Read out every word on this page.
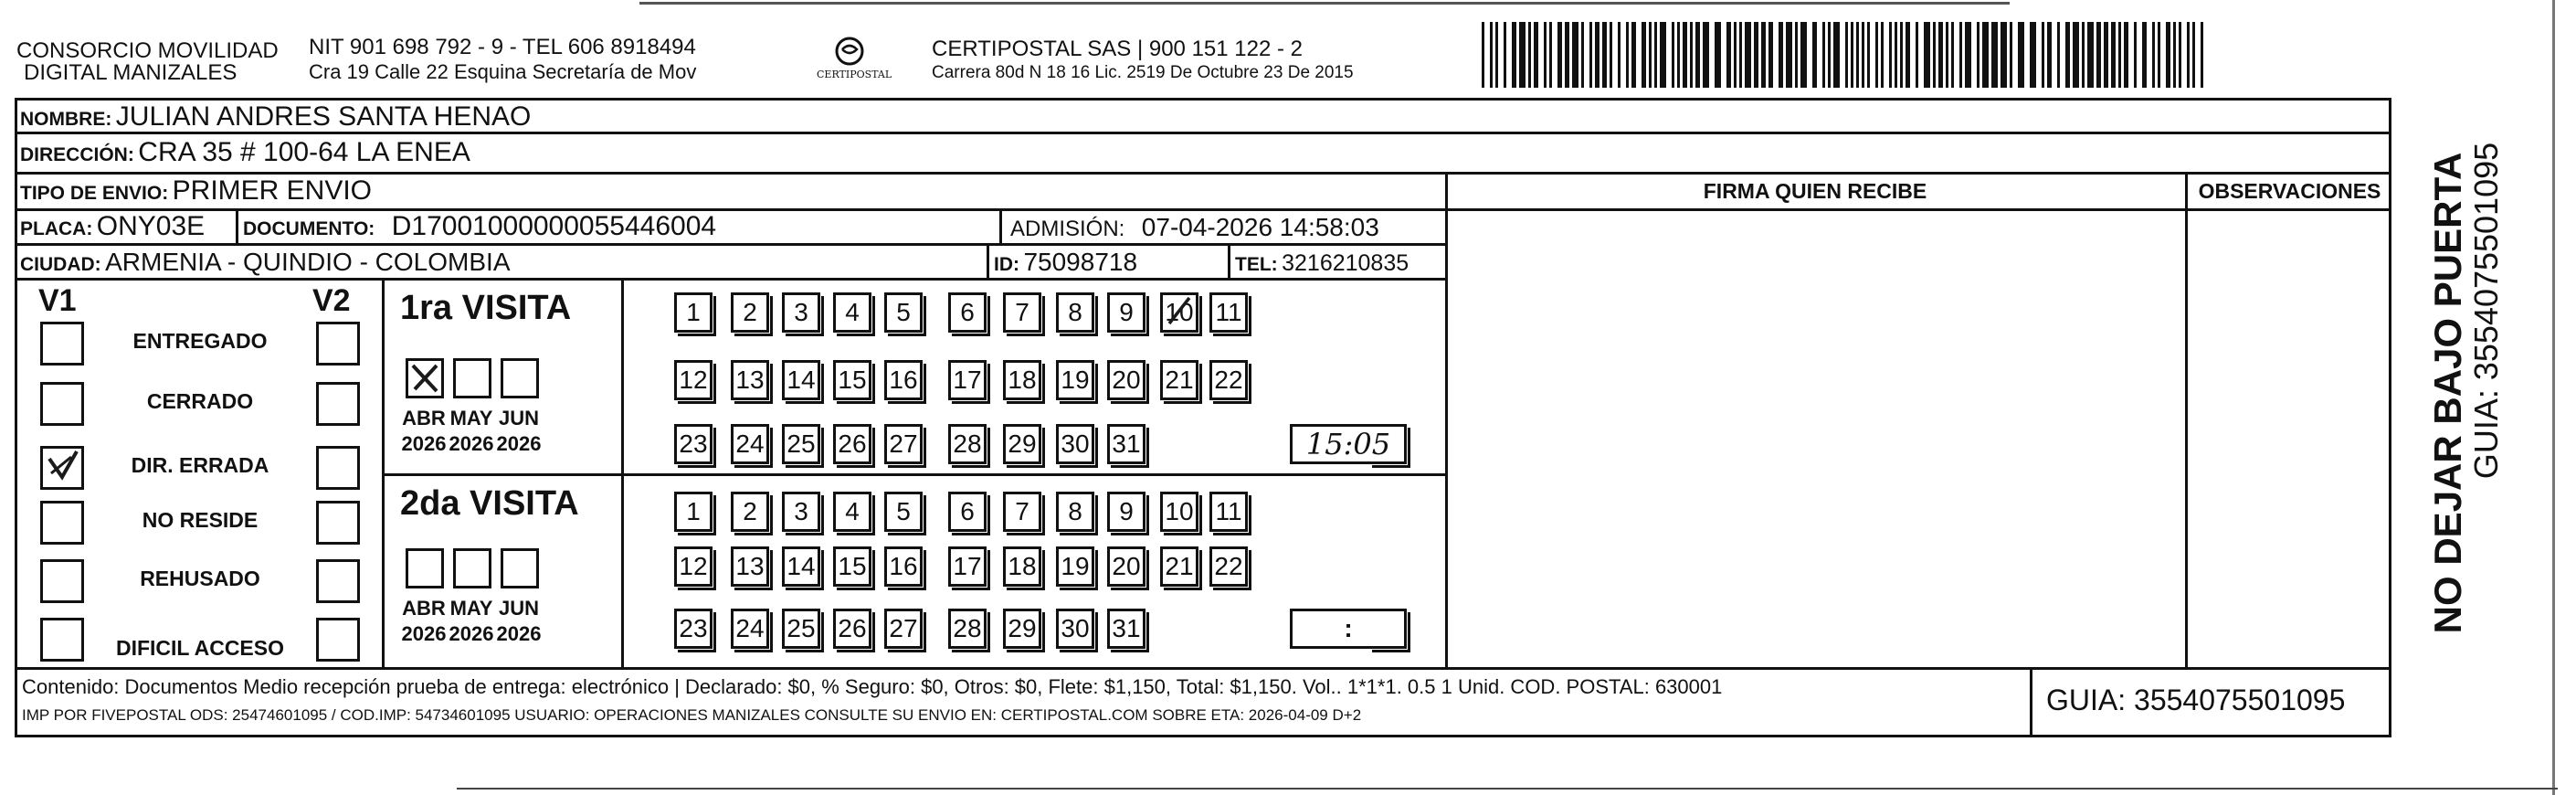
CONSORCIO MOVILIDAD
DIGITAL MANIZALES
NIT 901 698 792 - 9 - TEL 606 8918494
Cra 19 Calle 22 Esquina Secretaría de Mov	CERTIPOSTAL
CERTIPOSTAL SAS | 900 151 122 - 2
Carrera 80d N 18 16 Lic. 2519 De Octubre 23 De 2015
NOMBRE: JULIAN ANDRES SANTA HENAO
DIRECCIÓN: CRA 35 # 100-64 LA ENEA
TIPO DE ENVIO: PRIMER ENVIO
PLACA: ONY03E DOCUMENTO: D17001000000055446004	ADMISIÓN: 07-04-2026 14:58:03
CIUDAD: ARMENIA - QUINDIO - COLOMBIA	ID: 75098718	TEL: 3216210835
FIRMA QUIEN RECIBE	OBSERVACIONES
V1	V2
ENTREGADO
CERRADO
DIR. ERRADA
NO RESIDE
REHUSADO
DIFICIL ACCESO
1ra VISITA
2da VISITA
ABR
2026
MAY
2026
JUN
2026
ABR
2026
MAY
2026
JUN
2026
1	2	3	4	5	6	7	8	9	10 11
12 13 14 15 16 17 18 19 20 21 22
23 24 25 26 27 28 29 30 31	15:05
1	2	3	4	5	6	7	8	9	10 11
12 13 14 15 16 17 18 19 20 21 22
23 24 25 26 27 28 29 30 31	:
Contenido: Documentos Medio recepción prueba de entrega: electrónico | Declarado: $0, % Seguro: $0, Otros: $0, Flete: $1,150, Total: $1,150. Vol.. 1*1*1. 0.5 1 Unid. COD. POSTAL: 630001
IMP POR FIVEPOSTAL ODS: 25474601095 / COD.IMP: 54734601095 USUARIO: OPERACIONES MANIZALES CONSULTE SU ENVIO EN: CERTIPOSTAL.COM SOBRE ETA: 2026-04-09 D+2	GUIA: 3554075501095
NO DEJAR BAJO PUERTA
GUIA: 3554075501095
